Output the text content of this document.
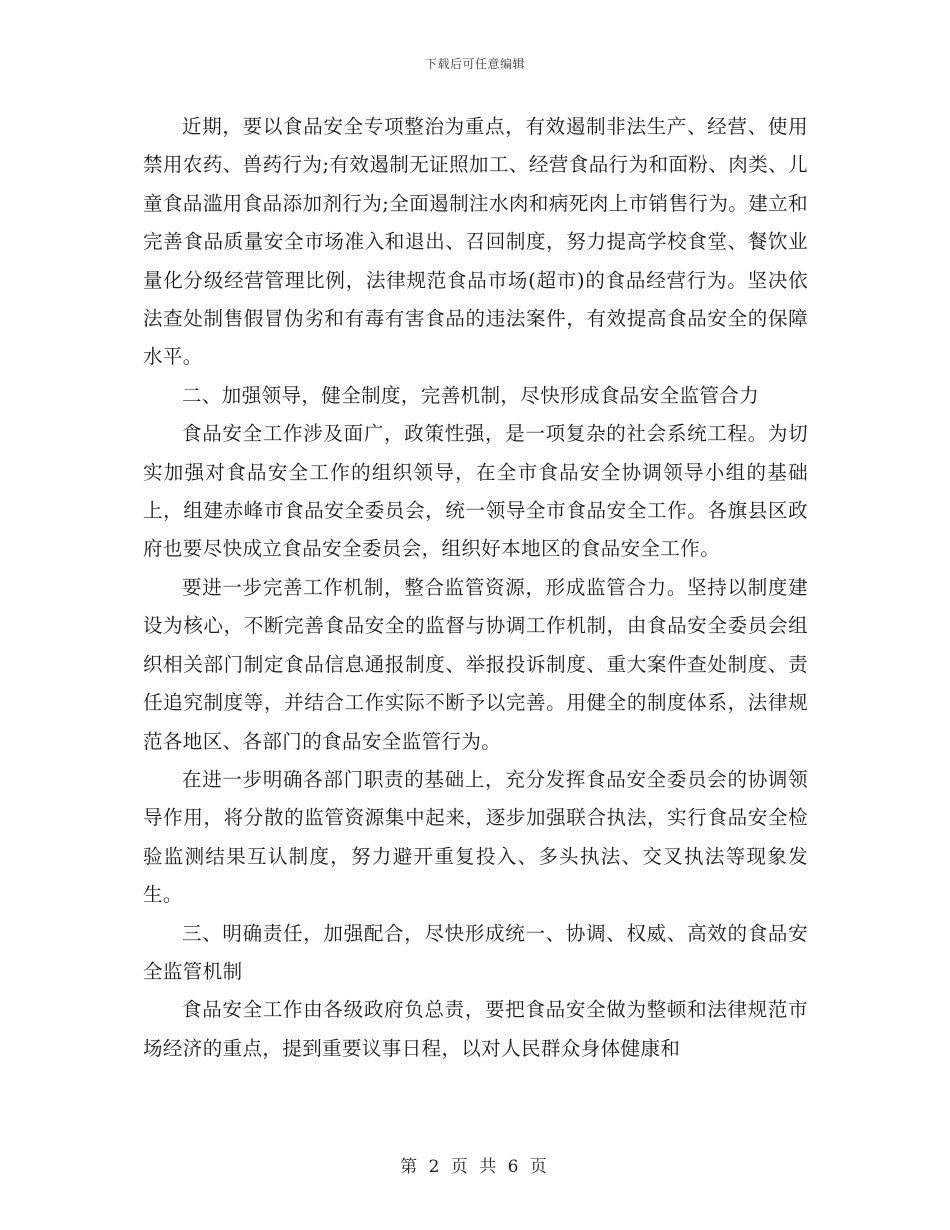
下载后可任意编辑

近期，要以食品安全专项整治为重点，有效遏制非法生产、经营、使用禁用农药、兽药行为;有效遏制无证照加工、经营食品行为和面粉、肉类、儿童食品滥用食品添加剂行为;全面遏制注水肉和病死肉上市销售行为。建立和完善食品质量安全市场准入和退出、召回制度，努力提高学校食堂、餐饮业量化分级经营管理比例，法律规范食品市场(超市)的食品经营行为。坚决依法查处制售假冒伪劣和有毒有害食品的违法案件，有效提高食品安全的保障水平。

二、加强领导，健全制度，完善机制，尽快形成食品安全监管合力

食品安全工作涉及面广，政策性强，是一项复杂的社会系统工程。为切实加强对食品安全工作的组织领导，在全市食品安全协调领导小组的基础上，组建赤峰市食品安全委员会，统一领导全市食品安全工作。各旗县区政府也要尽快成立食品安全委员会，组织好本地区的食品安全工作。

要进一步完善工作机制，整合监管资源，形成监管合力。坚持以制度建设为核心，不断完善食品安全的监督与协调工作机制，由食品安全委员会组织相关部门制定食品信息通报制度、举报投诉制度、重大案件查处制度、责任追究制度等，并结合工作实际不断予以完善。用健全的制度体系，法律规范各地区、各部门的食品安全监管行为。

在进一步明确各部门职责的基础上，充分发挥食品安全委员会的协调领导作用，将分散的监管资源集中起来，逐步加强联合执法，实行食品安全检验监测结果互认制度，努力避开重复投入、多头执法、交叉执法等现象发生。

三、明确责任，加强配合，尽快形成统一、协调、权威、高效的食品安全监管机制

食品安全工作由各级政府负总责，要把食品安全做为整顿和法律规范市场经济的重点，提到重要议事日程，以对人民群众身体健康和

第 2 页 共 6 页
